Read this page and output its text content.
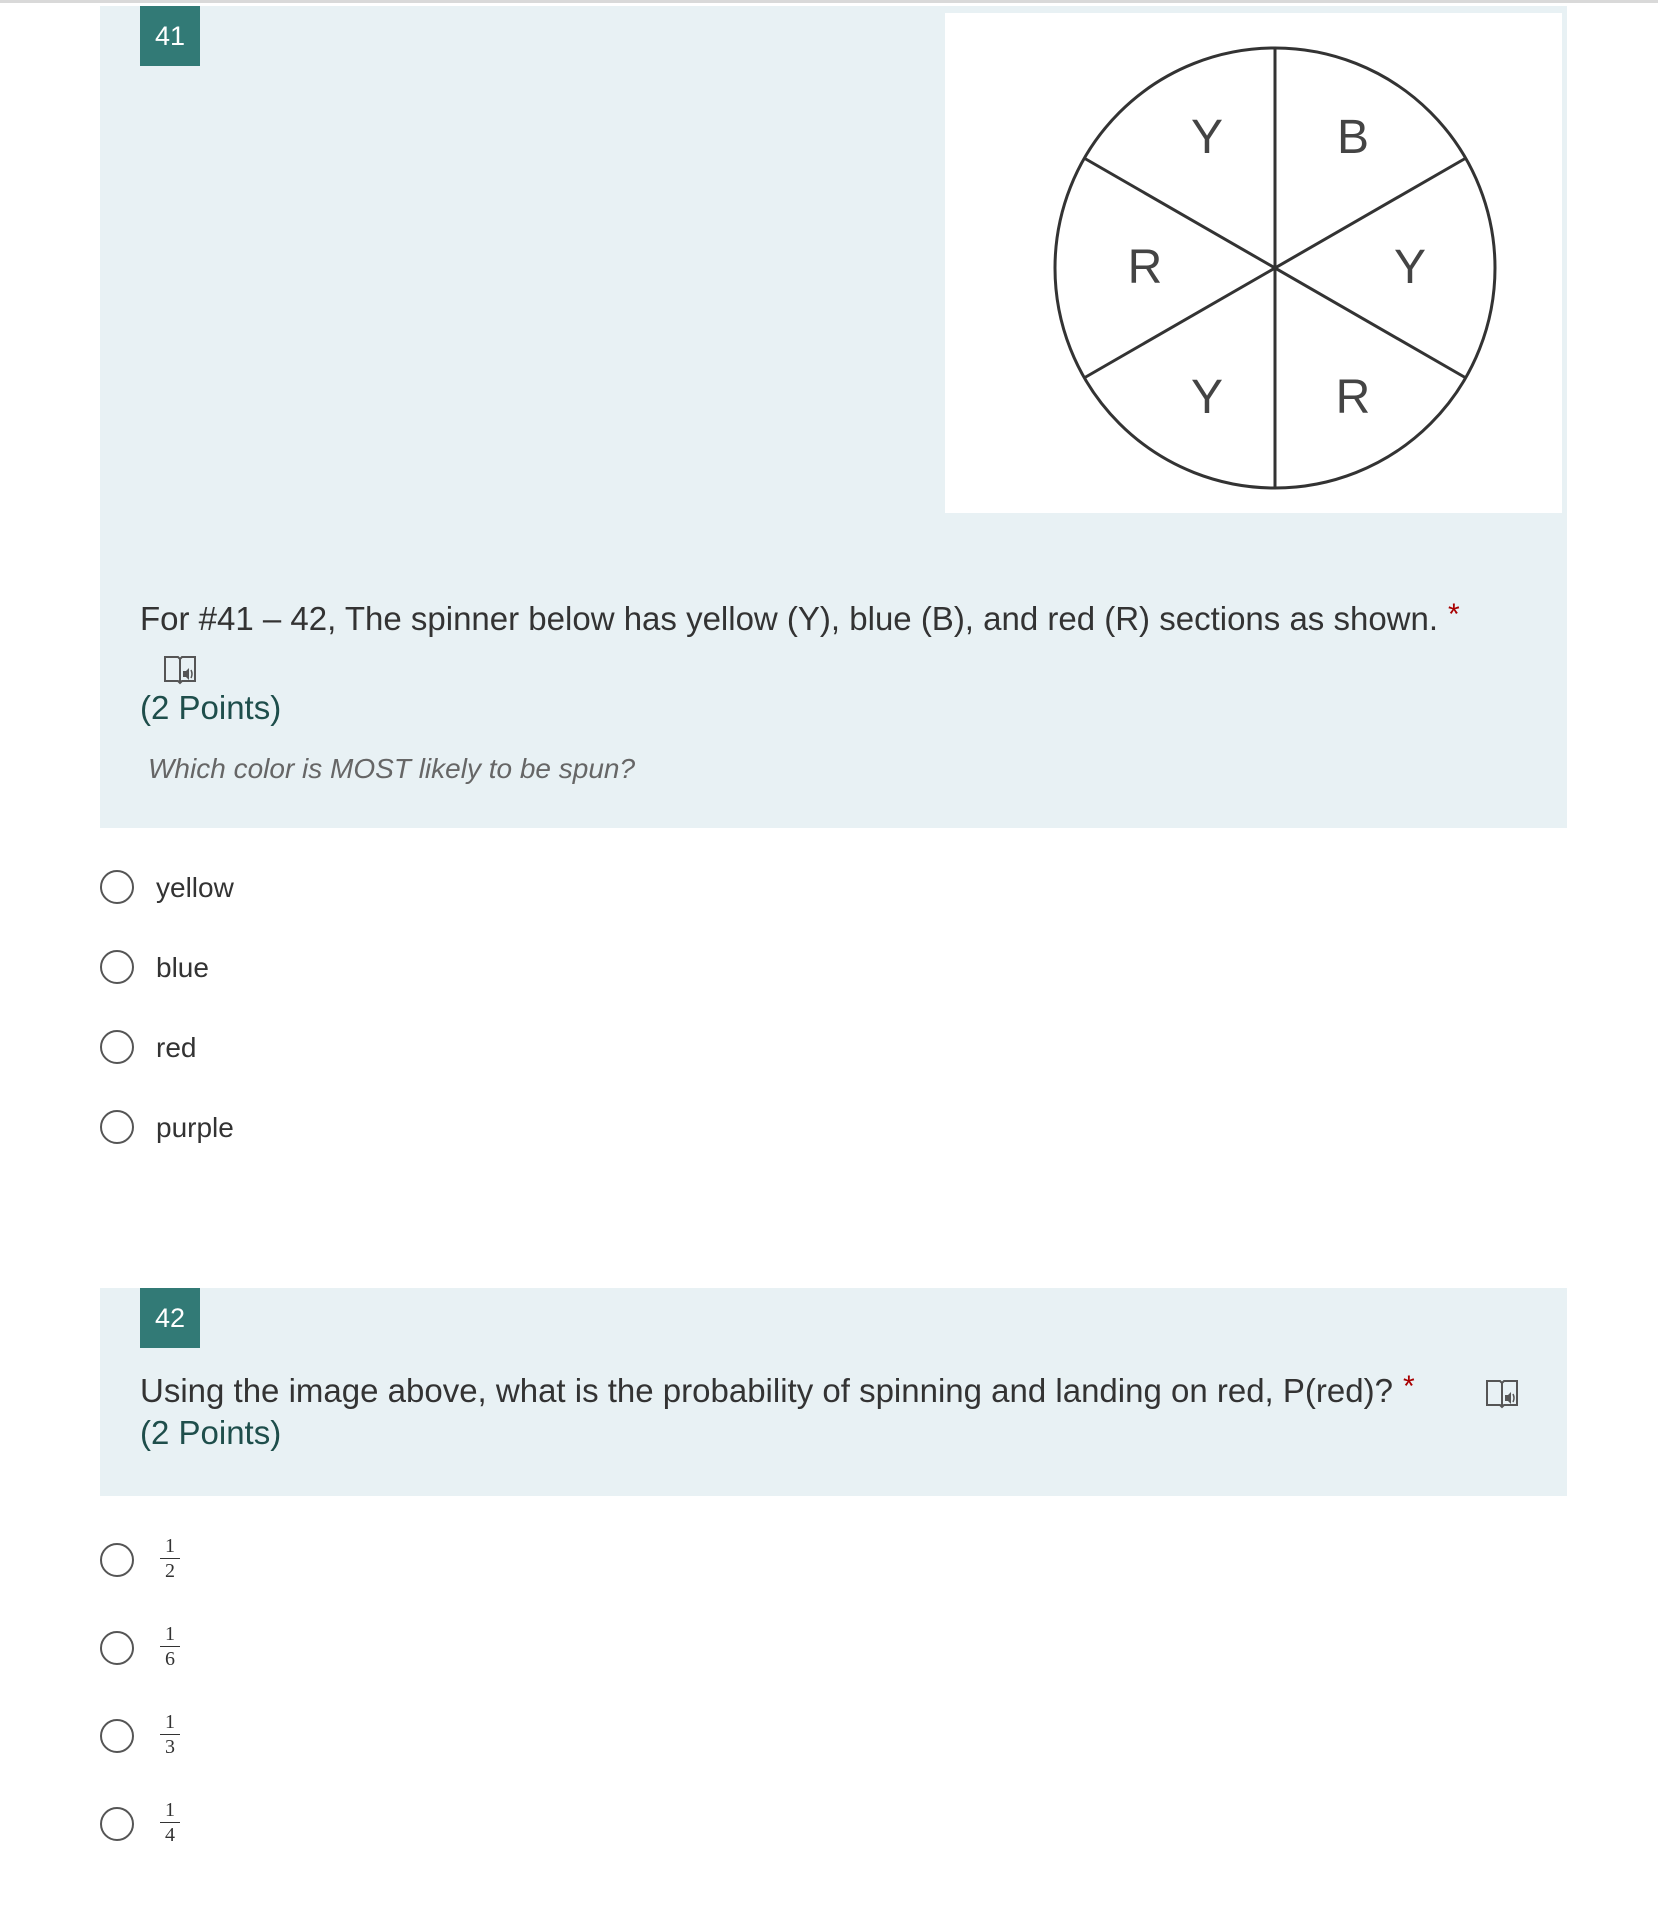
41
Y B
R	Y
Y R
For #41 – 42, The spinner below has yellow (Y), blue (B), and red (R) sections as shown. *
(2 Points)
Which color is MOST likely to be spun?
yellow
blue
red
purple
42
Using the image above, what is the probability of spinning and landing on red, P(red)? *
(2 Points)
1
2
1
6
1
3
1
4
